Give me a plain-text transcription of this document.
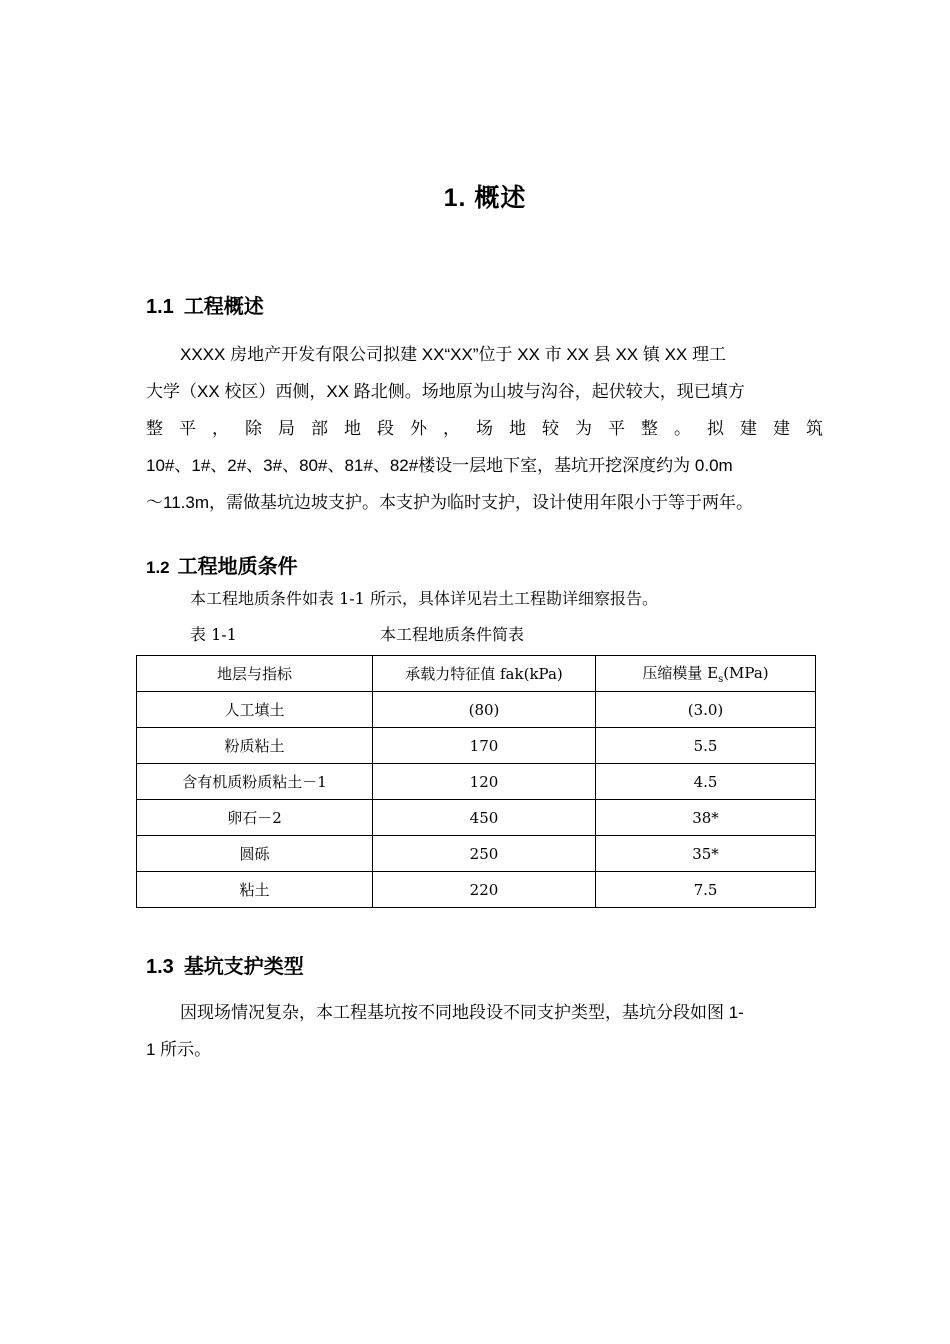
1. 概述
1.1 工程概述
XXXX 房地产开发有限公司拟建 XX“XX”位于 XX 市 XX 县 XX 镇 XX 理工
大学（XX 校区）西侧，XX 路北侧。场地原为山坡与沟谷，起伏较大，现已填方
整 平 ， 除 局 部 地 段 外 ， 场 地 较 为 平 整 。 拟 建 建 筑
10#、1#、2#、3#、80#、81#、82#楼设一层地下室，基坑开挖深度约为 0.0m
～11.3m，需做基坑边坡支护。本支护为临时支护，设计使用年限小于等于两年。
1.2 工程地质条件
本工程地质条件如表 1-1 所示，具体详见岩土工程勘详细察报告。
表 1-1	本工程地质条件简表
地层与指标	承载力特征值 fak(kPa)	压缩模量 $E_s(MPa)$
人工填土	(80)	(3.0)
粉质粘土	170	5.5
含有机质粉质粘土－1	120	4.5
卵石－2	450	38*
圆砾	250	35*
粘土	220	7.5
1.3 基坑支护类型
因现场情况复杂，本工程基坑按不同地段设不同支护类型，基坑分段如图 1-
1 所示。
